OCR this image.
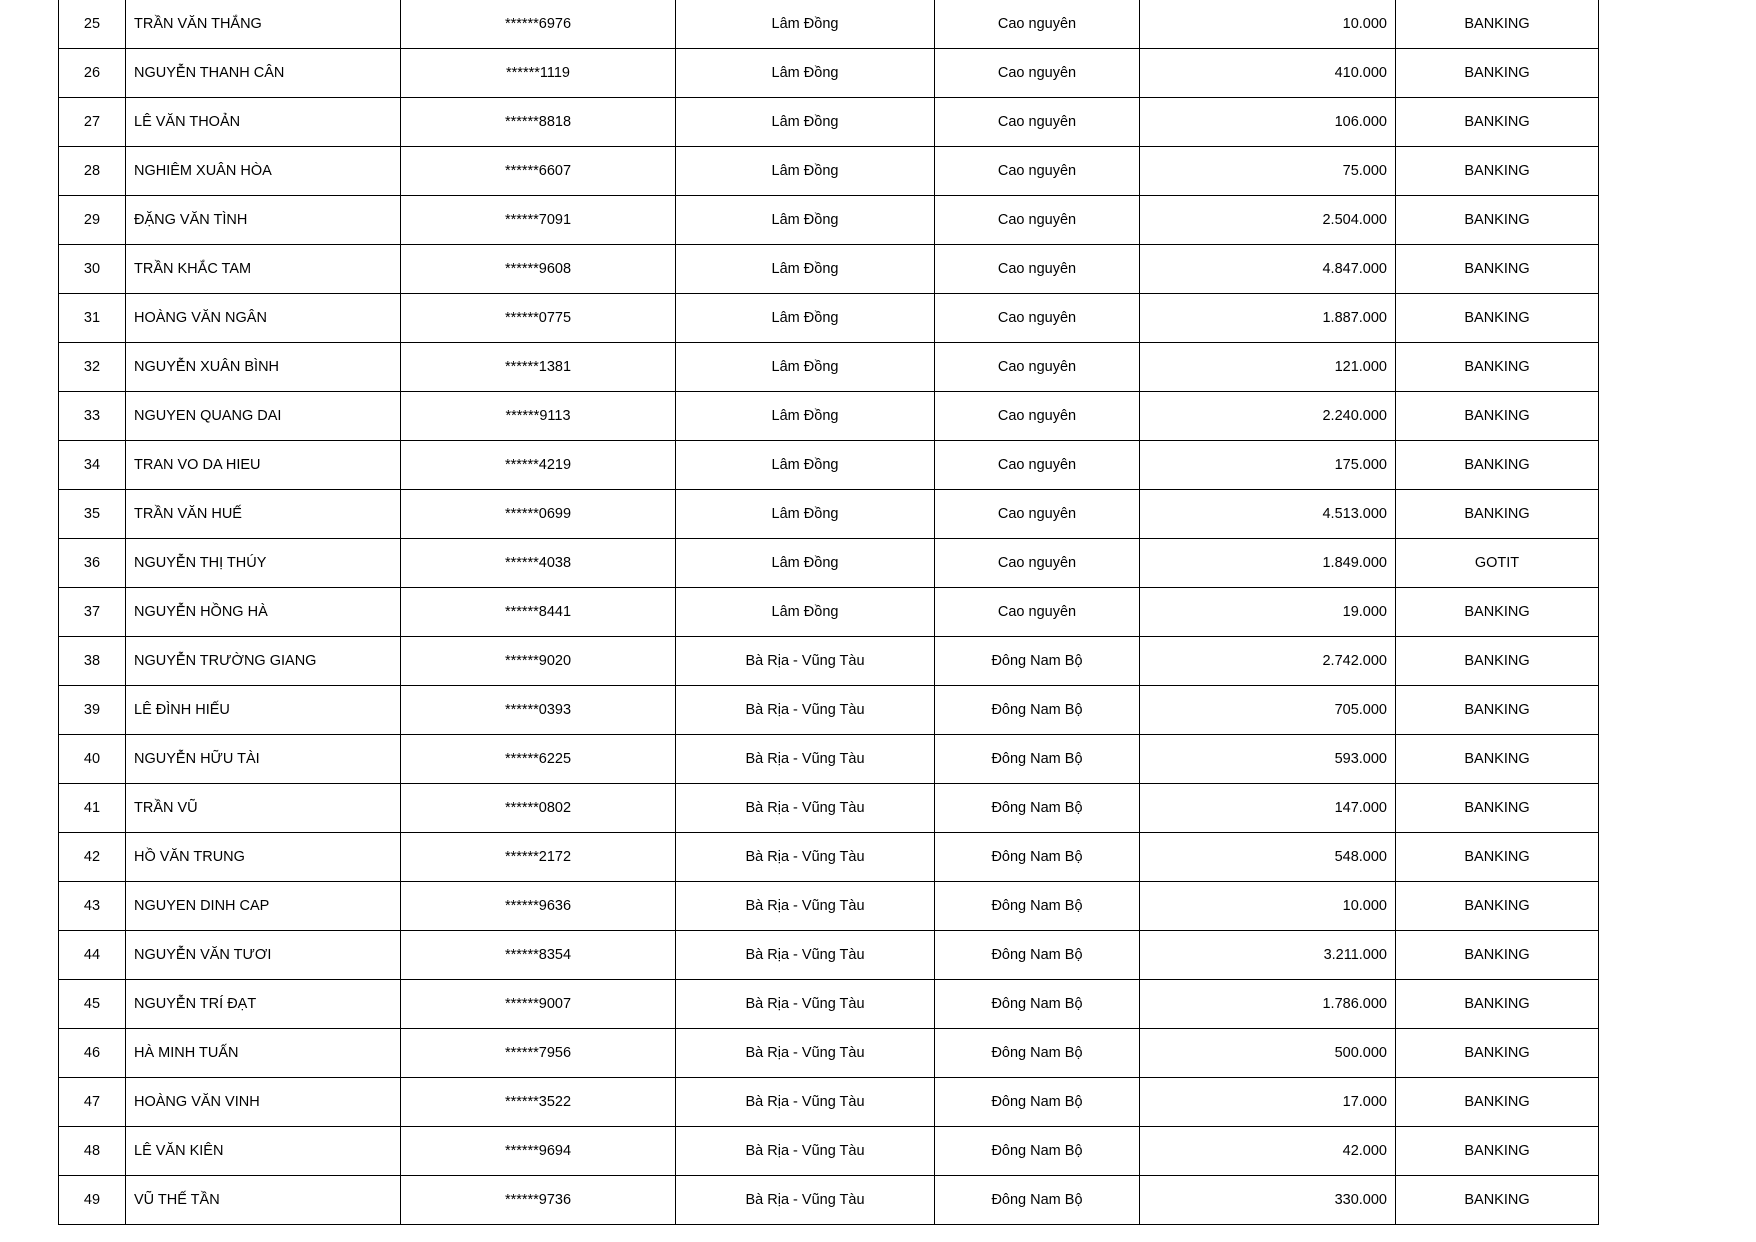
25	TRẦN VĂN THẮNG	******6976	Lâm Đồng	Cao nguyên	10.000	BANKING
26	NGUYỄN THANH CÂN	******1119	Lâm Đồng	Cao nguyên	410.000	BANKING
27	LÊ VĂN THOẢN	******8818	Lâm Đồng	Cao nguyên	106.000	BANKING
28	NGHIÊM XUÂN HÒA	******6607	Lâm Đồng	Cao nguyên	75.000	BANKING
29	ĐẶNG VĂN TÌNH	******7091	Lâm Đồng	Cao nguyên	2.504.000	BANKING
30	TRẦN KHẮC TAM	******9608	Lâm Đồng	Cao nguyên	4.847.000	BANKING
31	HOÀNG VĂN NGÂN	******0775	Lâm Đồng	Cao nguyên	1.887.000	BANKING
32	NGUYỄN XUÂN BÌNH	******1381	Lâm Đồng	Cao nguyên	121.000	BANKING
33	NGUYEN QUANG DAI	******9113	Lâm Đồng	Cao nguyên	2.240.000	BANKING
34	TRAN VO DA HIEU	******4219	Lâm Đồng	Cao nguyên	175.000	BANKING
35	TRẦN VĂN HUẾ	******0699	Lâm Đồng	Cao nguyên	4.513.000	BANKING
36	NGUYỄN THỊ THÚY	******4038	Lâm Đồng	Cao nguyên	1.849.000	GOTIT
37	NGUYỄN HỒNG HÀ	******8441	Lâm Đồng	Cao nguyên	19.000	BANKING
38	NGUYỄN TRƯỜNG GIANG	******9020	Bà Rịa - Vũng Tàu	Đông Nam Bộ	2.742.000	BANKING
39	LÊ ĐÌNH HIẾU	******0393	Bà Rịa - Vũng Tàu	Đông Nam Bộ	705.000	BANKING
40	NGUYỄN HỮU TÀI	******6225	Bà Rịa - Vũng Tàu	Đông Nam Bộ	593.000	BANKING
41	TRẦN VŨ	******0802	Bà Rịa - Vũng Tàu	Đông Nam Bộ	147.000	BANKING
42	HỒ VĂN TRUNG	******2172	Bà Rịa - Vũng Tàu	Đông Nam Bộ	548.000	BANKING
43	NGUYEN DINH CAP	******9636	Bà Rịa - Vũng Tàu	Đông Nam Bộ	10.000	BANKING
44	NGUYỄN VĂN TƯƠI	******8354	Bà Rịa - Vũng Tàu	Đông Nam Bộ	3.211.000	BANKING
45	NGUYỄN TRÍ ĐẠT	******9007	Bà Rịa - Vũng Tàu	Đông Nam Bộ	1.786.000	BANKING
46	HÀ MINH TUẤN	******7956	Bà Rịa - Vũng Tàu	Đông Nam Bộ	500.000	BANKING
47	HOÀNG VĂN VINH	******3522	Bà Rịa - Vũng Tàu	Đông Nam Bộ	17.000	BANKING
48	LÊ VĂN KIÊN	******9694	Bà Rịa - Vũng Tàu	Đông Nam Bộ	42.000	BANKING
49	VŨ THẾ TẦN	******9736	Bà Rịa - Vũng Tàu	Đông Nam Bộ	330.000	BANKING
